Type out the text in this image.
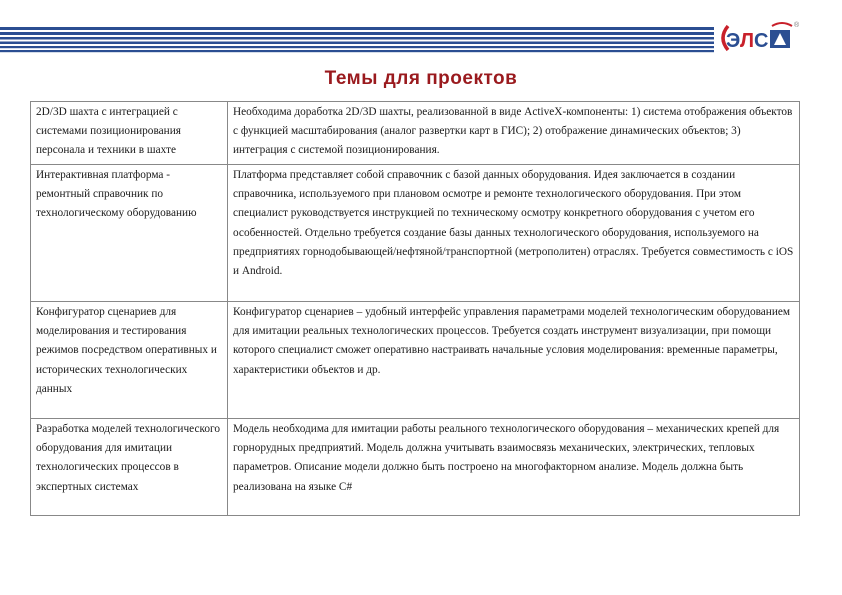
Э Л С
®
Темы для проектов
2D/3D шахта с интеграцией с системами позиционирования персонала и техники в шахте	Необходима доработка 2D/3D шахты, реализованной в виде ActiveX-компоненты: 1) система отображения объектов с функцией масштабирования (аналог развертки карт в ГИС); 2) отображение динамических объектов; 3) интеграция с системой позиционирования.
Интерактивная платформа - ремонтный справочник по технологическому оборудованию	Платформа представляет собой справочник с базой данных оборудования. Идея заключается в создании справочника, используемого при плановом осмотре и ремонте технологического оборудования. При этом специалист руководствуется инструкцией по техническому осмотру конкретного оборудования с учетом его особенностей. Отдельно требуется создание базы данных технологического оборудования, используемого на предприятиях горнодобывающей/нефтяной/транспортной (метрополитен) отраслях. Требуется совместимость с iOS и Android.
Конфигуратор сценариев для моделирования и тестирования режимов посредством оперативных и исторических технологических данных	Конфигуратор сценариев – удобный интерфейс управления параметрами моделей технологическим оборудованием для имитации реальных технологических процессов. Требуется создать инструмент визуализации, при помощи которого специалист сможет оперативно настраивать начальные условия моделирования: временные параметры, характеристики объектов и др.
Разработка моделей технологического оборудования для имитации технологических процессов в экспертных системах	Модель необходима для имитации работы реального технологического оборудования – механических крепей для горнорудных предприятий. Модель должна учитывать взаимосвязь механических, электрических, тепловых параметров. Описание модели должно быть построено на многофакторном анализе. Модель должна быть реализована на языке C#
